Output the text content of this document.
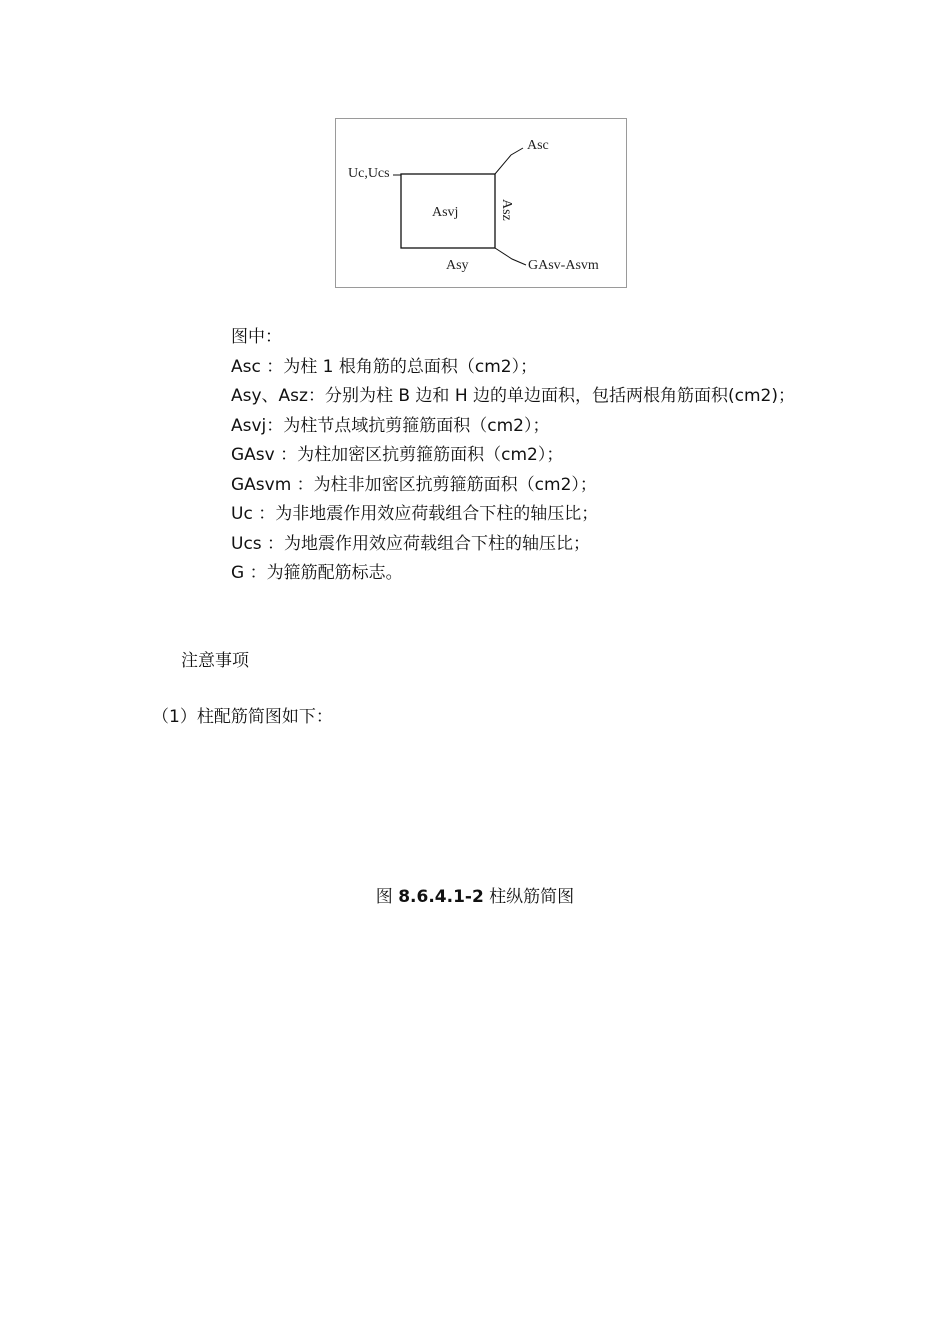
Asc
Uc,Ucs
Asvj	Asz
Asy	GAsv-Asvm
图中：
Asc ：为柱 1 根角筋的总面积（cm2）；
Asy、Asz：分别为柱 B 边和 H 边的单边面积，包括两根角筋面积(cm2)；
Asvj：为柱节点域抗剪箍筋面积（cm2）；
GAsv ：为柱加密区抗剪箍筋面积（cm2）；
GAsvm ：为柱非加密区抗剪箍筋面积（cm2）；
Uc ：为非地震作用效应荷载组合下柱的轴压比；
Ucs ：为地震作用效应荷载组合下柱的轴压比；
G ：为箍筋配筋标志。
注意事项
（1）柱配筋简图如下：
图 8.6.4.1-2 柱纵筋简图
